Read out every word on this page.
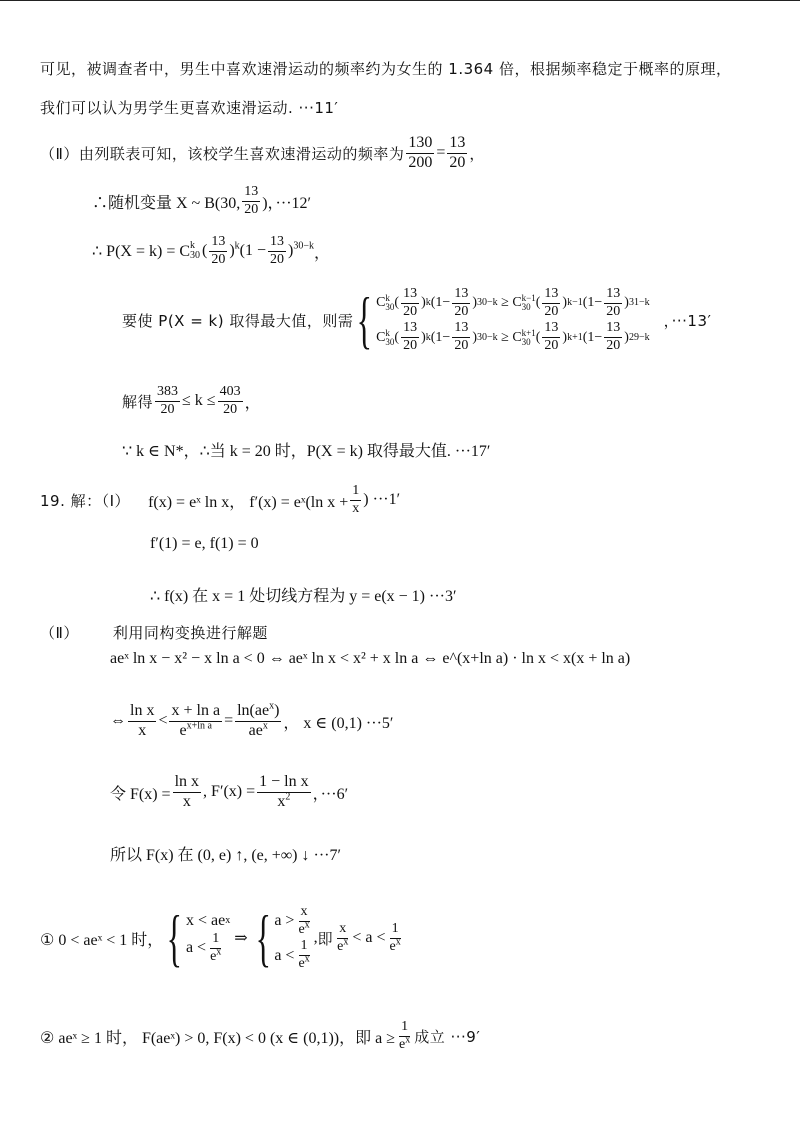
可见，被调查者中，男生中喜欢速滑运动的频率约为女生的 1.364 倍，根据频率稳定于概率的原理，
我们可以认为男学生更喜欢速滑运动. ···11′
（Ⅱ）由列联表可知，该校学生喜欢速滑运动的频率为 $\frac{130}{200} = \frac{13}{20}$ ，
∴随机变量 X ~ B(30, $\frac{13}{20}$ )，···12′
∴ P(X = k) = C k
30 ( $\frac{13}{20} )^k(1 - \frac{13}{20} )^{30-k}$ ，
要使 P(X = k) 取得最大值，则需 { C k
30 ( $\frac{13}{20}$ ) k ($1- \frac{13}{20}$ ) 30−k ≥ C k−1
30 ( $\frac{13}{20}$ ) k−1 ($1- \frac{13}{20}$ ) 31−k
C k
30 ( $\frac{13}{20}$ ) k ($1- \frac{13}{20}$ ) 30−k ≥ C k+1
30 ( $\frac{13}{20}$ ) k+1 ($1- \frac{13}{20}$ ) 29−k
，···13′
解得 $\frac{383}{20} \le k \le \frac{403}{20}$ ，
∵ k ∈ N*，∴当 k = 20 时，P(X = k) 取得最大值. ···17′
19. 解：（Ⅰ） f(x) = eˣ ln x， f′(x) = eˣ(ln $x + \frac{1}{x}$ ) ···1′
f′(1) = e, f(1) = 0
∴ f(x) 在 x = 1 处切线方程为 y = e(x − 1) ···3′
（Ⅱ） 利用同构变换进行解题
aeˣ ln x − x² − x ln a < 0 ⇔ aeˣ ln x < x² + x ln a ⇔ e^(x+ln a) · ln x < x(x + ln a)
⇔ $\frac{\text{ln x}}{x} < \frac{\text{x + ln a}}{e^{x+ln a}} = \frac{\ln(ae^x)}{ae^x}$ ， x ∈ (0,1) ···5′
令 $F(x) = \frac{\text{ln x}}{x}$ , $F'(x) = \frac{\text{1 − ln x}}{x^2}$ ，···6′
所以 F(x) 在 (0, e) ↑, (e, +∞) ↓ ···7′
① 0 < aeˣ < 1 时， { x < ae x
$a < \frac{1}{e^x}$ ⇒ { $a > \frac{x}{e^x}$
$a < \frac{1}{e^x}$
, 即 $\frac{x}{e^x} < a < \frac{1}{e^x}$
② aeˣ ≥ 1 时， F(aeˣ) > 0, F(x) < 0 (x ∈ (0,1))，即 $a \ge \frac{1}{e^x}$ 成立 ···9′
